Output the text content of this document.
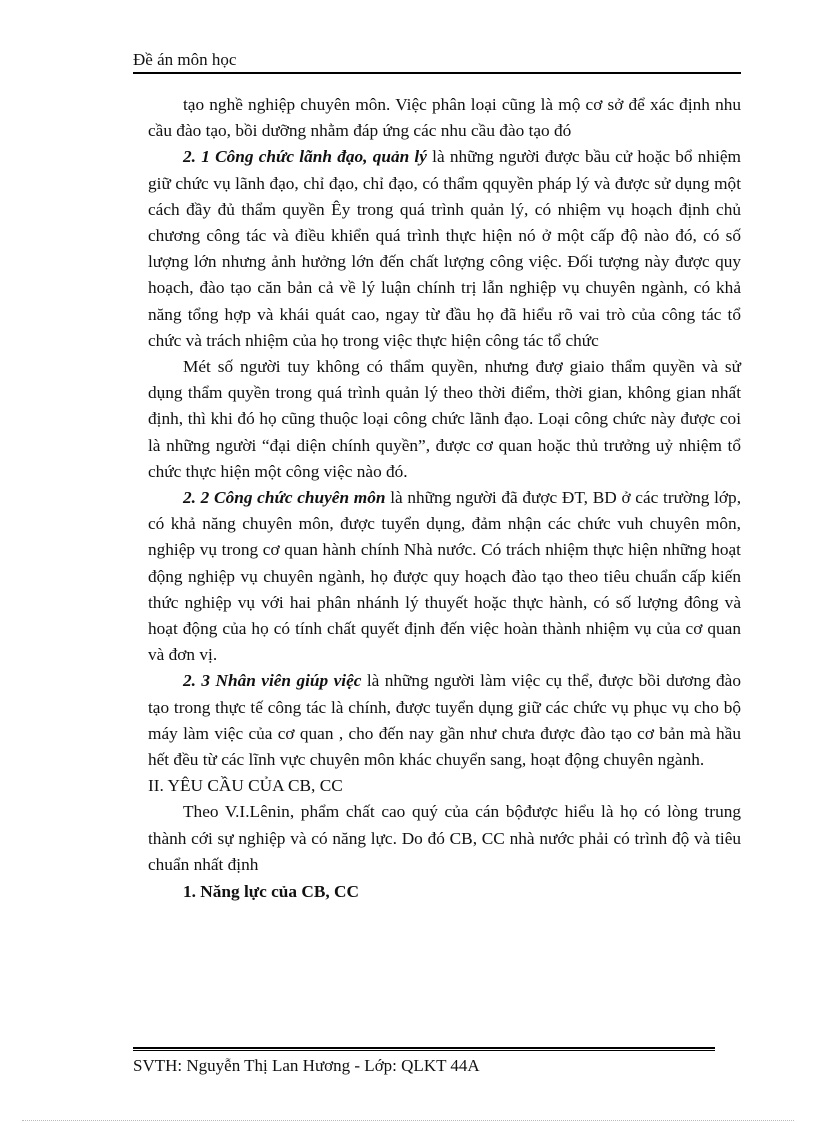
Đề án môn học

tạo nghề nghiệp chuyên môn. Việc phân loại cũng là mộ cơ sở để xác định nhu cầu đào tạo, bồi dưỡng nhằm đáp ứng các nhu cầu đào tạo đó

2. 1 Công chức lãnh đạo, quản lý là những người được bầu cử hoặc bổ nhiệm giữ chức vụ lãnh đạo, chỉ đạo, chỉ đạo, có thẩm qquyền pháp lý và được sử dụng một cách đầy đủ thẩm quyền Êy trong quá trình quản lý, có nhiệm vụ hoạch định chủ chương công tác và điều khiển quá trình thực hiện nó ở một cấp độ nào đó, có số lượng lớn nhưng ảnh hưởng lớn đến chất lượng công việc. Đối tượng này được quy hoạch, đào tạo căn bản cả về lý luận chính trị lẫn nghiệp vụ chuyên ngành, có khả năng tổng hợp và khái quát cao, ngay từ đầu họ đã hiểu rõ vai trò của công tác tổ chức và trách nhiệm của họ trong việc thực hiện công tác tổ chức

Mét số người tuy không có thẩm quyền, nhưng đượ giaio thẩm quyền và sử dụng thẩm quyền trong quá trình quản lý theo thời điểm, thời gian, không gian nhất định, thì khi đó họ cũng thuộc loại công chức lãnh đạo. Loại công chức này được coi là những người “đại diện chính quyền”, được cơ quan hoặc thủ trưởng uỷ nhiệm tổ chức thực hiện một công việc nào đó.

2. 2 Công chức chuyên môn là những người đã được ĐT, BD ở các trường lớp, có khả năng chuyên môn, được tuyển dụng, đảm nhận các chức vuh chuyên môn, nghiệp vụ trong cơ quan hành chính Nhà nước. Có trách nhiệm thực hiện những hoạt động nghiệp vụ chuyên ngành, họ được quy hoạch đào tạo theo tiêu chuẩn cấp kiến thức nghiệp vụ với hai phân nhánh lý thuyết hoặc thực hành, có số lượng đông và hoạt động của họ có tính chất quyết định đến việc hoàn thành nhiệm vụ của cơ quan và đơn vị.

2. 3 Nhân viên giúp việc là những người làm việc cụ thể, được bồi dương đào tạo trong thực tế công tác là chính, được tuyển dụng giữ các chức vụ phục vụ cho bộ máy làm việc của cơ quan , cho đến nay gần như chưa được đào tạo cơ bản mà hầu hết đều từ các lĩnh vực chuyên môn khác chuyển sang, hoạt động chuyên ngành.

II. YÊU CẦU CỦA CB, CC

Theo V.I.Lênin, phẩm chất cao quý của cán bộđược hiểu là họ có lòng trung thành cới sự nghiệp và có năng lực. Do đó CB, CC nhà nước phải có trình độ và tiêu chuẩn nhất định

1. Năng lực của CB, CC

SVTH: Nguyễn Thị Lan Hương - Lớp: QLKT 44A
